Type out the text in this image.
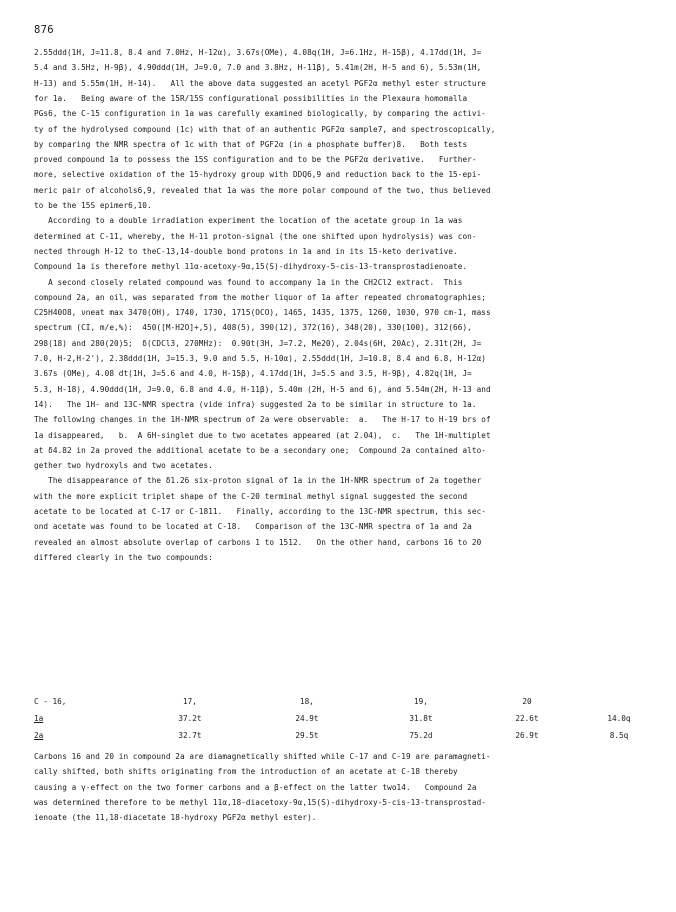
876
2.55ddd(1H, J=11.8, 8.4 and 7.0Hz, H-12α), 3.67s(OMe), 4.08q(1H, J=6.1Hz, H-15β), 4.17dd(1H, J=
5.4 and 3.5Hz, H-9β), 4.90ddd(1H, J=9.0, 7.0 and 3.8Hz, H-11β), 5.41m(2H, H-5 and 6), 5.53m(1H,
H-13) and 5.55m(1H, H-14).   All the above data suggested an acetyl PGF2α methyl ester structure
for 1a.   Being aware of the 15R/15S configurational possibilities in the Plexaura homomalla
PGs6, the C-15 configuration in 1a was carefully examined biologically, by comparing the activi-
ty of the hydrolysed compound (1c) with that of an authentic PGF2α sample7, and spectroscopically,
by comparing the NMR spectra of 1c with that of PGF2α (in a phosphate buffer)8.   Both tests
proved compound 1a to possess the 15S configuration and to be the PGF2α derivative.   Further-
more, selective oxidation of the 15-hydroxy group with DDQ6,9 and reduction back to the 15-epi-
meric pair of alcohols6,9, revealed that 1a was the more polar compound of the two, thus believed
to be the 15S epimer6,10.
According to a double irradiation experiment the location of the acetate group in 1a was
determined at C-11, whereby, the H-11 proton-signal (the one shifted upon hydrolysis) was con-
nected through H-12 to theC-13,14-double bond protons in 1a and in its 15-keto derivative.
Compound 1a is therefore methyl 11α-acetoxy-9α,15(S)-dihydroxy-5-cis-13-transprostadienoate.
A second closely related compound was found to accompany 1a in the CH2Cl2 extract.  This
compound 2a, an oil, was separated from the mother liquor of 1a after repeated chromatographies;
C25H40O8, νneat max 3470(OH), 1740, 1730, 1715(OCO), 1465, 1435, 1375, 1260, 1030, 970 cm-1, mass
spectrum (CI, m/e,%):  450([M-H2O]+,5), 408(5), 390(12), 372(16), 348(20), 330(100), 312(66),
298(18) and 280(20)5;  δ(CDCl3, 270MHz):  0.90t(3H, J=7.2, Me20), 2.04s(6H, 20Ac), 2.31t(2H, J=
7.0, H-2,H-2'), 2.38ddd(1H, J=15.3, 9.0 and 5.5, H-10α), 2.55ddd(1H, J=10.8, 8.4 and 6.8, H-12α)
3.67s (OMe), 4.08 dt(1H, J=5.6 and 4.0, H-15β), 4.17dd(1H, J=5.5 and 3.5, H-9β), 4.82q(1H, J=
5.3, H-18), 4.90ddd(1H, J=9.0, 6.8 and 4.0, H-11β), 5.40m (2H, H-5 and 6), and 5.54m(2H, H-13 and
14).   The 1H- and 13C-NMR spectra (vide infra) suggested 2a to be similar in structure to 1a.
The following changes in the 1H-NMR spectrum of 2a were observable:  a.   The H-17 to H-19 brs of
1a disappeared,   b.  A 6H-singlet due to two acetates appeared (at 2.04),  c.   The 1H-multiplet
at δ4.82 in 2a proved the additional acetate to be a secondary one;  Compound 2a contained alto-
gether two hydroxyls and two acetates.
The disappearance of the δ1.26 six-proton signal of 1a in the 1H-NMR spectrum of 2a together
with the more explicit triplet shape of the C-20 terminal methyl signal suggested the second
acetate to be located at C-17 or C-1811.   Finally, according to the 13C-NMR spectrum, this sec-
ond acetate was found to be located at C-18.   Comparison of the 13C-NMR spectra of 1a and 2a
revealed an almost absolute overlap of carbons 1 to 1512.   On the other hand, carbons 16 to 20
differed clearly in the two compounds:
C - 16,	17,	18,	19,	20	
1a	37.2t	24.9t	31.8t	22.6t	14.0q
2a	32.7t	29.5t	75.2d	26.9t	8.5q
Carbons 16 and 20 in compound 2a are diamagnetically shifted while C-17 and C-19 are paramagneti-
cally shifted, both shifts originating from the introduction of an acetate at C-18 thereby
causing a γ-effect on the two former carbons and a β-effect on the latter two14.   Compound 2a
was determined therefore to be methyl 11α,18-diacetoxy-9α,15(S)-dihydroxy-5-cis-13-transprostad-
ienoate (the 11,18-diacetate 18-hydroxy PGF2α methyl ester).
